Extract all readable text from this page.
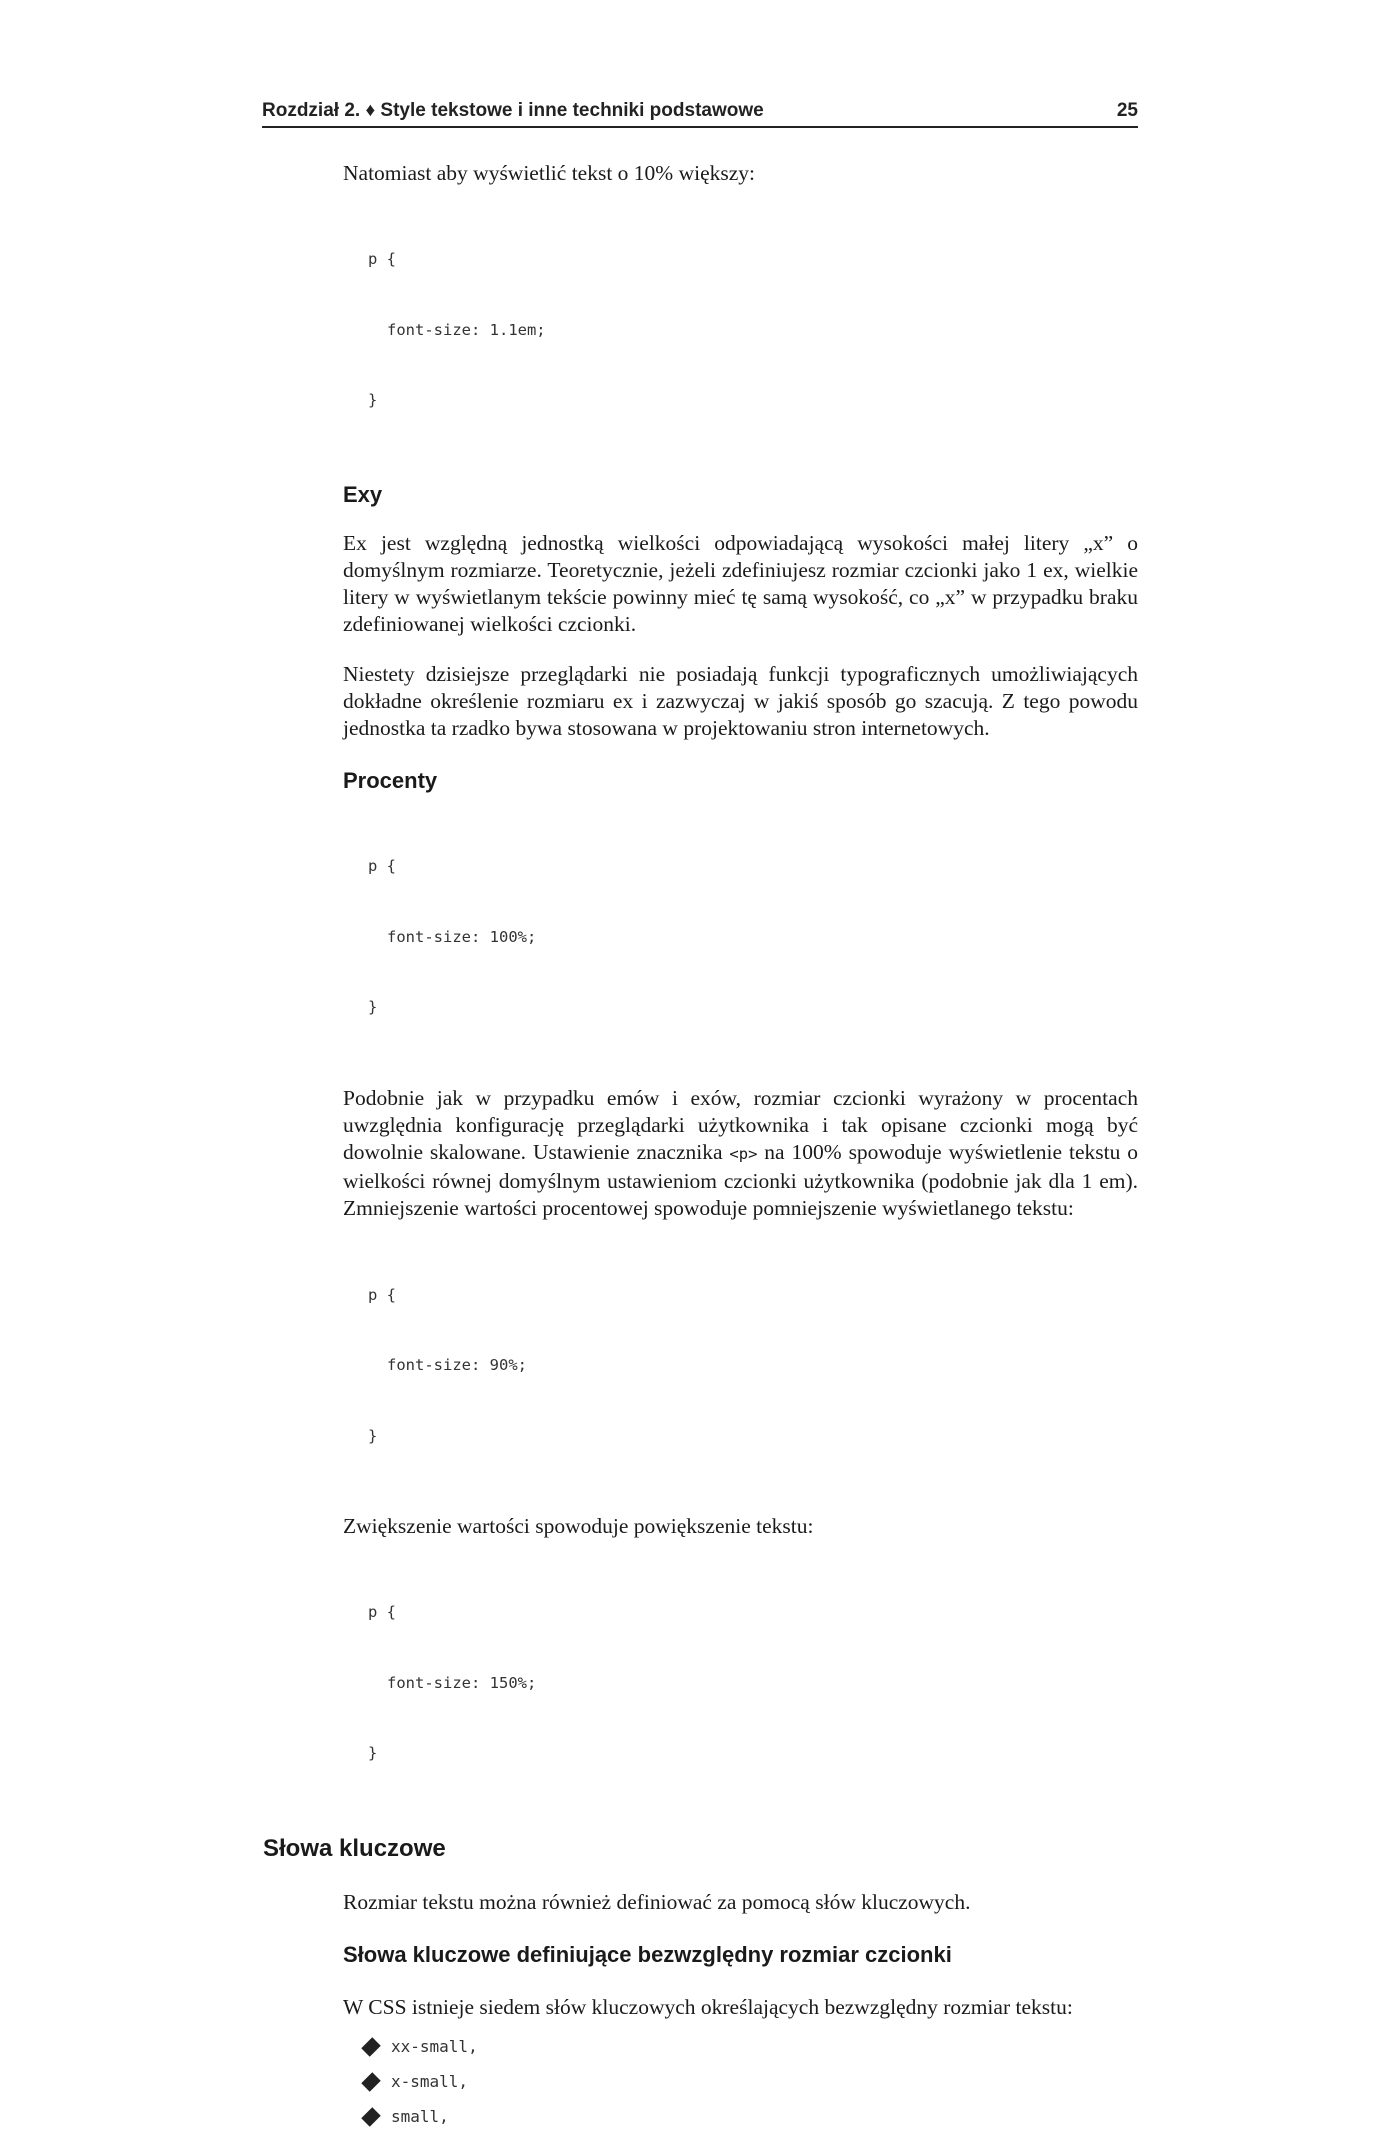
Rozdział 2. ♦ Style tekstowe i inne techniki podstawowe	25

Natomiast aby wyświetlić tekst o 10% większy:

p {

font-size: 1.1em;

}

Exy

Ex jest względną jednostką wielkości odpowiadającą wysokości małej litery „x” o domyślnym rozmiarze. Teoretycznie, jeżeli zdefiniujesz rozmiar czcionki jako 1 ex, wielkie litery w wyświetlanym tekście powinny mieć tę samą wysokość, co „x” w przypadku braku zdefiniowanej wielkości czcionki.

Niestety dzisiejsze przeglądarki nie posiadają funkcji typograficznych umożliwiających dokładne określenie rozmiaru ex i zazwyczaj w jakiś sposób go szacują. Z tego powodu jednostka ta rzadko bywa stosowana w projektowaniu stron internetowych.

Procenty

p {

font-size: 100%;

}

Podobnie jak w przypadku emów i exów, rozmiar czcionki wyrażony w procentach uwzględnia konfigurację przeglądarki użytkownika i tak opisane czcionki mogą być dowolnie skalowane. Ustawienie znacznika <p> na 100% spowoduje wyświetlenie tekstu o wielkości równej domyślnym ustawieniom czcionki użytkownika (podobnie jak dla 1 em). Zmniejszenie wartości procentowej spowoduje pomniejszenie wyświetlanego tekstu:

p {

font-size: 90%;

}

Zwiększenie wartości spowoduje powiększenie tekstu:

p {

font-size: 150%;

}

Słowa kluczowe

Rozmiar tekstu można również definiować za pomocą słów kluczowych.

Słowa kluczowe definiujące bezwzględny rozmiar czcionki

W CSS istnieje siedem słów kluczowych określających bezwzględny rozmiar tekstu:

xx-small,
x-small,
small,
